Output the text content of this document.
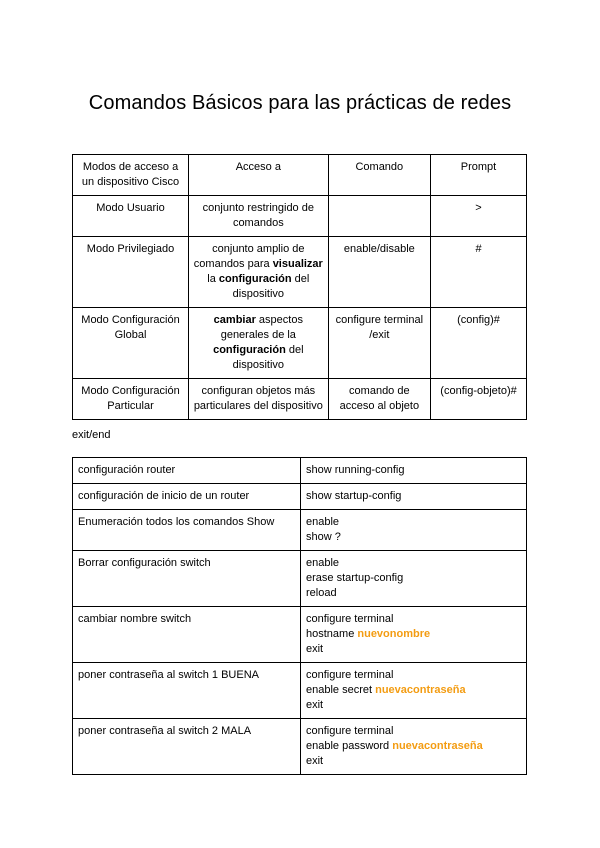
Comandos Básicos para las prácticas de redes
Modos de acceso a un dispositivo Cisco	Acceso a	Comando	Prompt
Modo Usuario	conjunto restringido de comandos		>
Modo Privilegiado	conjunto amplio de comandos para visualizar la configuración del dispositivo	enable/disable	#
Modo Configuración Global	cambiar aspectos generales de la configuración del dispositivo	configure terminal /exit	(config)#
Modo Configuración Particular	configuran objetos más particulares del dispositivo	comando de acceso al objeto	(config-objeto)#

exit/end

configuración router	show running-config

configuración de inicio de un router	show startup-config

Enumeración todos los comandos Show	enable
show ?

Borrar configuración switch	enable
erase startup-config
reload

cambiar nombre switch	configure terminal
hostname nuevonombre
exit

poner contraseña al switch 1 BUENA	configure terminal
enable secret nuevacontraseña
exit

poner contraseña al switch 2 MALA	configure terminal
enable password nuevacontraseña
exit
